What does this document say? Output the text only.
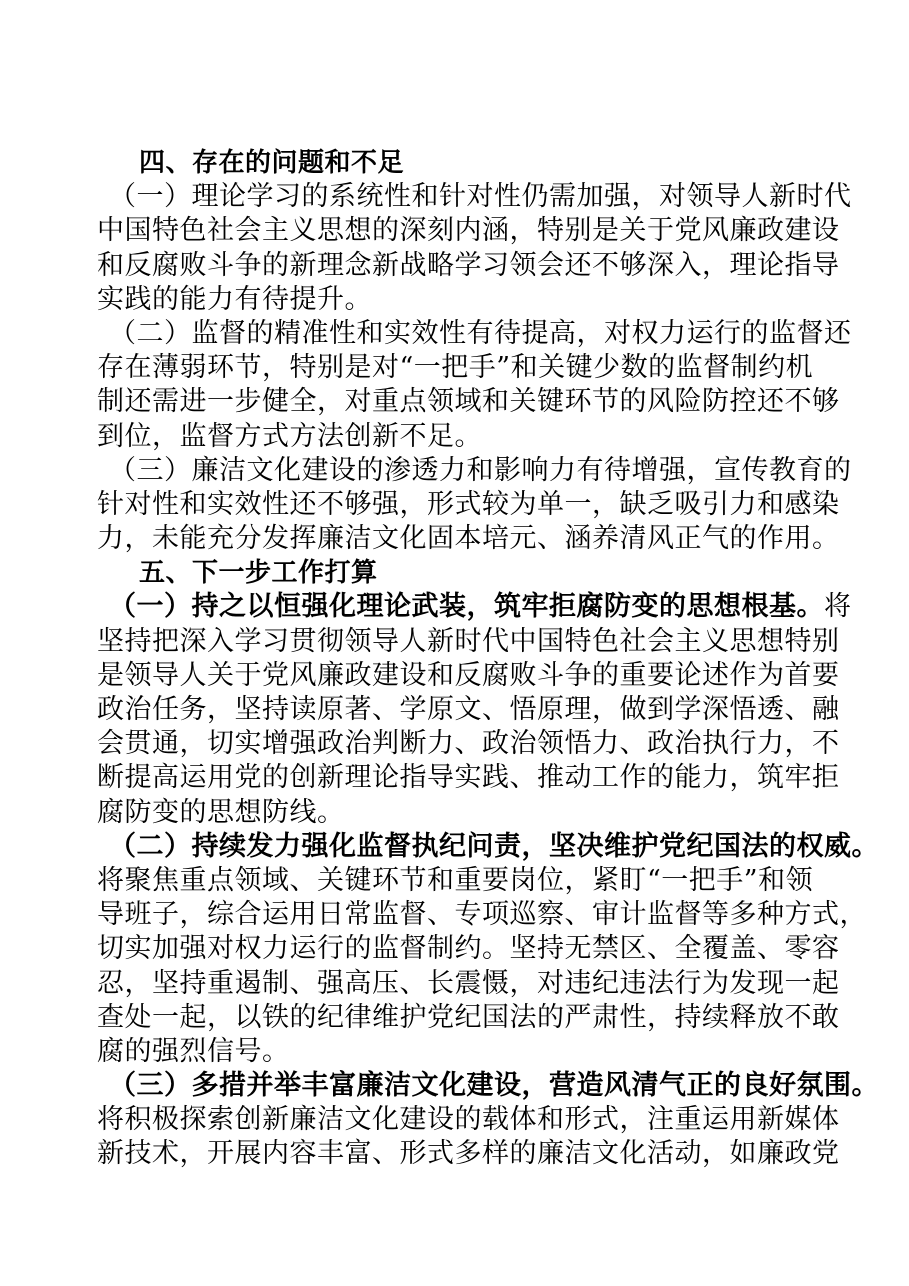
四、存在的问题和不足
（一）理论学习的系统性和针对性仍需加强，对领导人新时代
中国特色社会主义思想的深刻内涵，特别是关于党风廉政建设
和反腐败斗争的新理念新战略学习领会还不够深入，理论指导
实践的能力有待提升。
（二）监督的精准性和实效性有待提高，对权力运行的监督还
存在薄弱环节，特别是对“一把手”和关键少数的监督制约机
制还需进一步健全，对重点领域和关键环节的风险防控还不够
到位，监督方式方法创新不足。
（三）廉洁文化建设的渗透力和影响力有待增强，宣传教育的
针对性和实效性还不够强，形式较为单一，缺乏吸引力和感染
力，未能充分发挥廉洁文化固本培元、涵养清风正气的作用。
五、下一步工作打算
（一）持之以恒强化理论武装，筑牢拒腐防变的思想根基。将
坚持把深入学习贯彻领导人新时代中国特色社会主义思想特别
是领导人关于党风廉政建设和反腐败斗争的重要论述作为首要
政治任务，坚持读原著、学原文、悟原理，做到学深悟透、融
会贯通，切实增强政治判断力、政治领悟力、政治执行力，不
断提高运用党的创新理论指导实践、推动工作的能力，筑牢拒
腐防变的思想防线。
（二）持续发力强化监督执纪问责，坚决维护党纪国法的权威。
将聚焦重点领域、关键环节和重要岗位，紧盯“一把手”和领
导班子，综合运用日常监督、专项巡察、审计监督等多种方式，
切实加强对权力运行的监督制约。坚持无禁区、全覆盖、零容
忍，坚持重遏制、强高压、长震慑，对违纪违法行为发现一起
查处一起，以铁的纪律维护党纪国法的严肃性，持续释放不敢
腐的强烈信号。
（三）多措并举丰富廉洁文化建设，营造风清气正的良好氛围。
将积极探索创新廉洁文化建设的载体和形式，注重运用新媒体
新技术，开展内容丰富、形式多样的廉洁文化活动，如廉政党
